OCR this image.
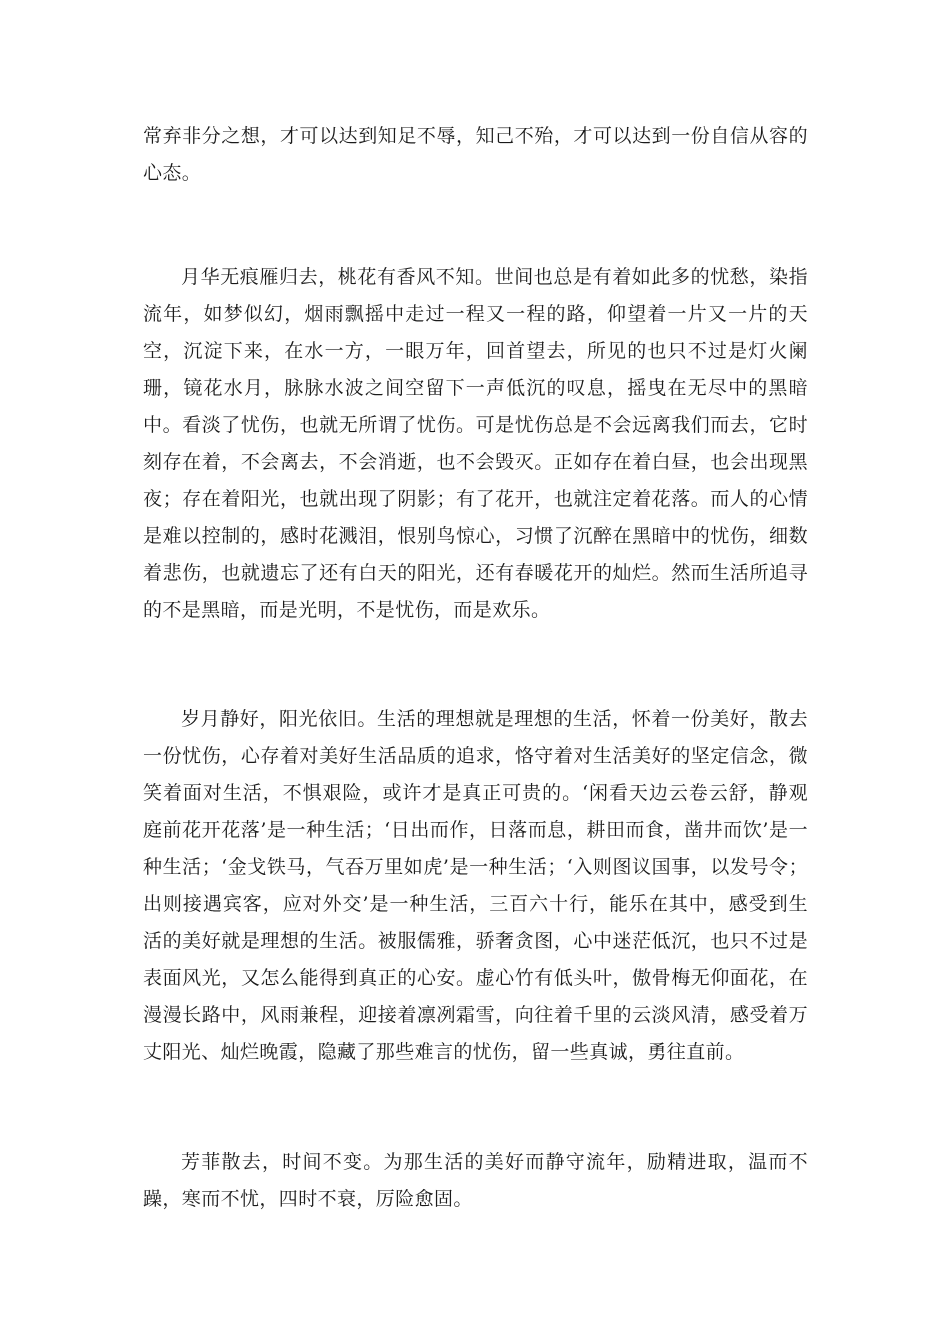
常弃非分之想，才可以达到知足不辱，知己不殆，才可以达到一份自信从容的心态。

月华无痕雁归去，桃花有香风不知。世间也总是有着如此多的忧愁，染指流年，如梦似幻，烟雨飘摇中走过一程又一程的路，仰望着一片又一片的天空，沉淀下来，在水一方，一眼万年，回首望去，所见的也只不过是灯火阑珊，镜花水月，脉脉水波之间空留下一声低沉的叹息，摇曳在无尽中的黑暗中。看淡了忧伤，也就无所谓了忧伤。可是忧伤总是不会远离我们而去，它时刻存在着，不会离去，不会消逝，也不会毁灭。正如存在着白昼，也会出现黑夜；存在着阳光，也就出现了阴影；有了花开，也就注定着花落。而人的心情是难以控制的，感时花溅泪，恨别鸟惊心，习惯了沉醉在黑暗中的忧伤，细数着悲伤，也就遗忘了还有白天的阳光，还有春暖花开的灿烂。然而生活所追寻的不是黑暗，而是光明，不是忧伤，而是欢乐。

岁月静好，阳光依旧。生活的理想就是理想的生活，怀着一份美好，散去一份忧伤，心存着对美好生活品质的追求，恪守着对生活美好的坚定信念，微笑着面对生活，不惧艰险，或许才是真正可贵的。‘闲看天边云卷云舒，静观庭前花开花落’是一种生活；‘日出而作，日落而息，耕田而食，凿井而饮’是一种生活；‘金戈铁马，气吞万里如虎’是一种生活；‘入则图议国事，以发号令；出则接遇宾客，应对外交’是一种生活，三百六十行，能乐在其中，感受到生活的美好就是理想的生活。被服儒雅，骄奢贪图，心中迷茫低沉，也只不过是表面风光，又怎么能得到真正的心安。虚心竹有低头叶，傲骨梅无仰面花，在漫漫长路中，风雨兼程，迎接着凛冽霜雪，向往着千里的云淡风清，感受着万丈阳光、灿烂晚霞，隐藏了那些难言的忧伤，留一些真诚，勇往直前。

芳菲散去，时间不变。为那生活的美好而静守流年，励精进取，温而不躁，寒而不忧，四时不衰，厉险愈固。
